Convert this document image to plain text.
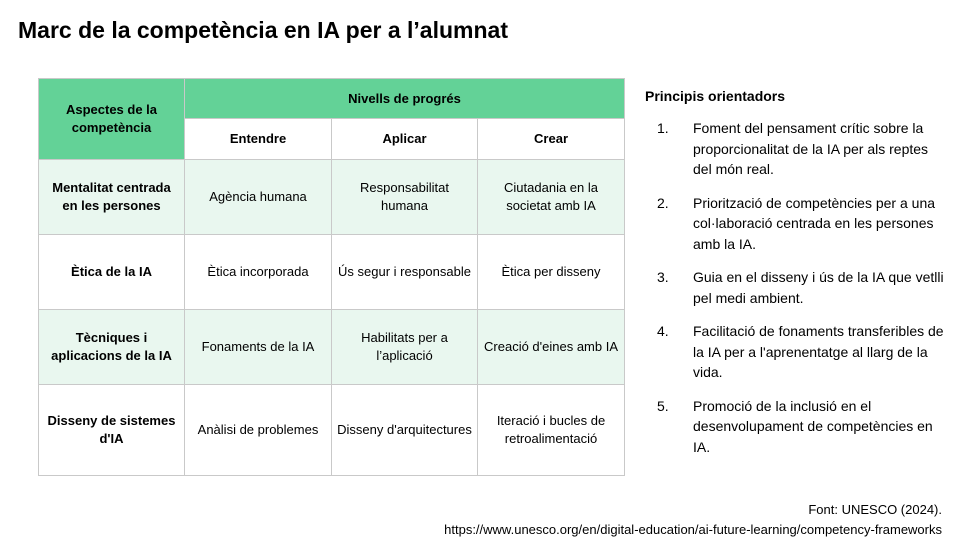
Marc de la competència en IA per a l’alumnat
Aspectes de la competència	Nivells de progrés		
	Entendre	Aplicar	Crear
Mentalitat centrada en les persones	Agència humana	Responsabilitat humana	Ciutadania en la societat amb IA
Ètica de la IA	Ètica incorporada	Ús segur i responsable	Ètica per disseny
Tècniques i aplicacions de la IA	Fonaments de la IA	Habilitats per a l’aplicació	Creació d'eines amb IA
Disseny de sistemes d'IA	Anàlisi de problemes	Disseny d'arquitectures	Iteració i bucles de retroalimentació
Principis orientadors
1. Foment del pensament crític sobre la proporcionalitat de la IA per als reptes del món real.
2. Priorització de competències per a una col·laboració centrada en les persones amb la IA.
3. Guia en el disseny i ús de la IA que vetlli pel medi ambient.
4. Facilitació de fonaments transferibles de la IA per a l'aprenentatge al llarg de la vida.
5. Promoció de la inclusió en el desenvolupament de competències en IA.
Font: UNESCO (2024).
https://www.unesco.org/en/digital-education/ai-future-learning/competency-frameworks
